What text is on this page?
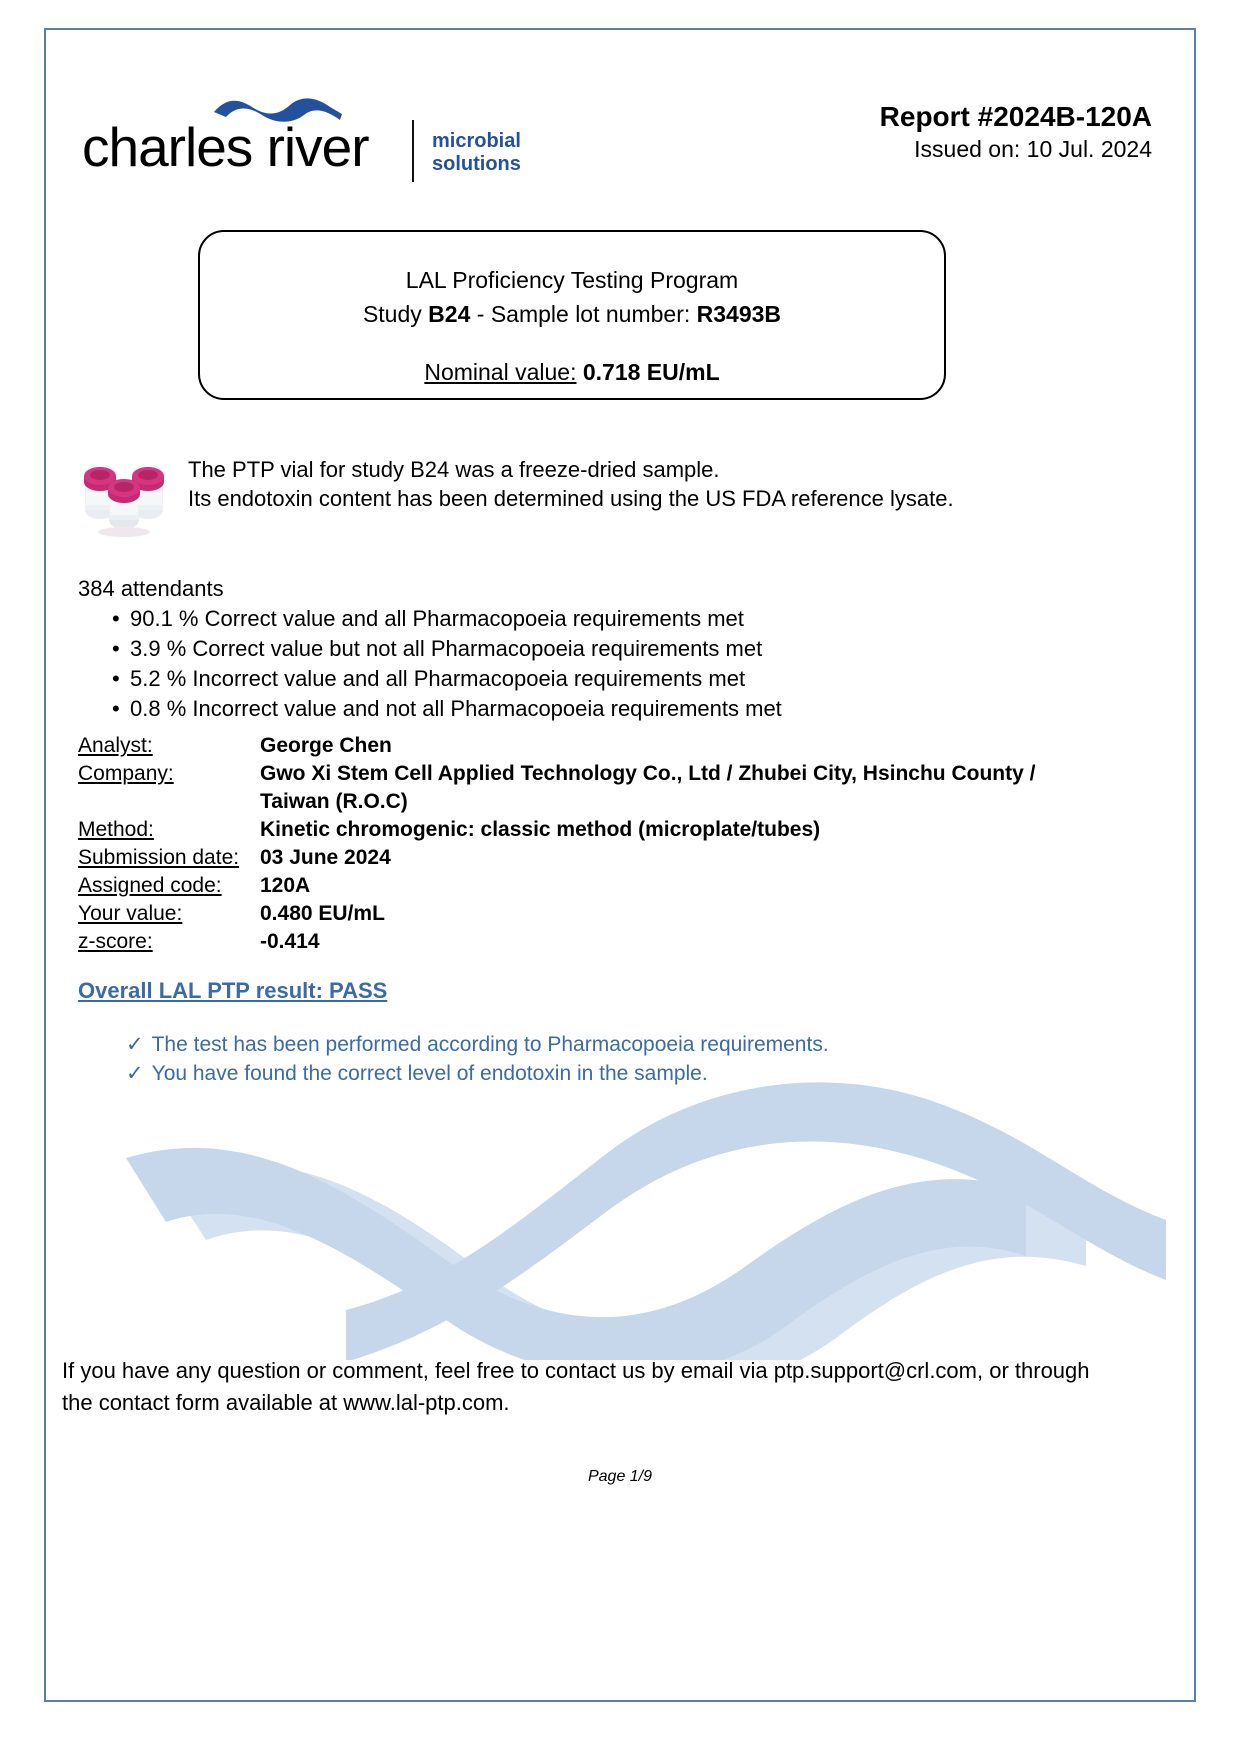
charles river	microbial
solutions
Report #2024B-120A
Issued on: 10 Jul. 2024
LAL Proficiency Testing Program
Study B24 - Sample lot number: R3493B
Nominal value: 0.718 EU/mL
The PTP vial for study B24 was a freeze-dried sample.
Its endotoxin content has been determined using the US FDA reference lysate.
384 attendants
• 90.1 % Correct value and all Pharmacopoeia requirements met
• 3.9 % Correct value but not all Pharmacopoeia requirements met
• 5.2 % Incorrect value and all Pharmacopoeia requirements met
• 0.8 % Incorrect value and not all Pharmacopoeia requirements met
Analyst:	George Chen
Company:	Gwo Xi Stem Cell Applied Technology Co., Ltd / Zhubei City, Hsinchu County / Taiwan (R.O.C)
Method:	Kinetic chromogenic: classic method (microplate/tubes)
Submission date: 03 June 2024
Assigned code:	120A
Your value:	0.480 EU/mL
z-score:	-0.414
Overall LAL PTP result: PASS
✓ The test has been performed according to Pharmacopoeia requirements.
✓ You have found the correct level of endotoxin in the sample.
If you have any question or comment, feel free to contact us by email via ptp.support@crl.com, or through
the contact form available at www.lal-ptp.com.
Page 1/9
